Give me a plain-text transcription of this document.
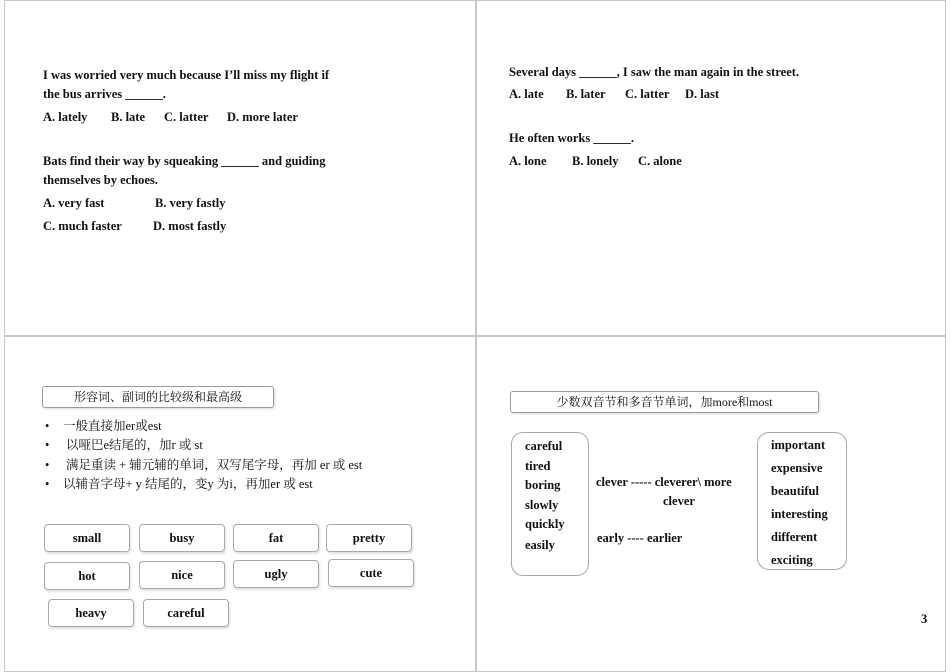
I was worried very much because I’ll miss my flight if
the bus arrives ______.
A. lately B. late C. latter D. more later
Bats find their way by squeaking ______ and guiding
themselves by echoes.
A. very fast	B. very fastly
C. much faster D. most fastly
Several days ______, I saw the man again in the street.
A. late B. later C. latter D. last
He often works ______.
A. lone B. lonely C. alone
形容词、副词的比较级和最高级
• 一般直接加er或est
• 以哑巴e结尾的，加r 或 st
• 满足重读 + 辅元辅的单词，双写尾字母，再加 er 或 est
• 以辅音字母+ y 结尾的，变y 为i，再加er 或 est
small	busy	fat	pretty
hot	nice	ugly	cute
heavy	careful
少数双音节和多音节单词，加more和most
careful
tired
boring
slowly
quickly
easily
clever ----- cleverer\ more
clever
early ---- earlier
important
expensive
beautiful
interesting
different
exciting
3
